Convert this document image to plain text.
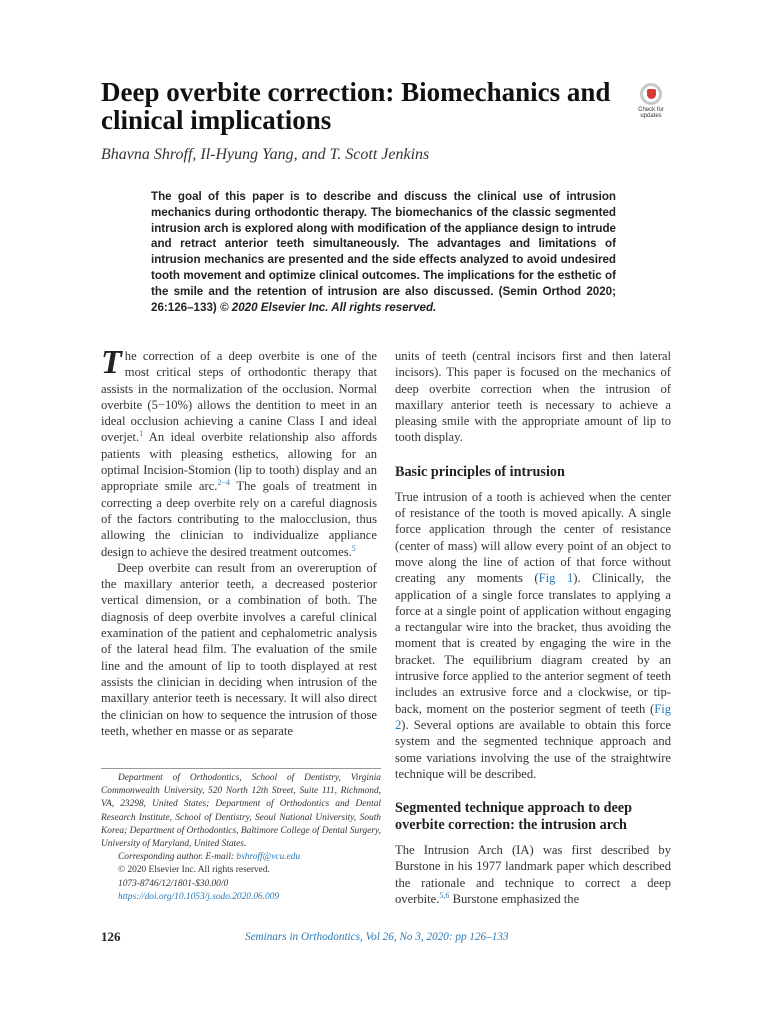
Deep overbite correction: Biomechanics and clinical implications
Bhavna Shroff, Il-Hyung Yang, and T. Scott Jenkins
Check for updates
The goal of this paper is to describe and discuss the clinical use of intrusion mechanics during orthodontic therapy. The biomechanics of the classic segmented intrusion arch is explored along with modification of the appliance design to intrude and retract anterior teeth simultaneously. The advantages and limitations of intrusion mechanics are presented and the side effects analyzed to avoid undesired tooth movement and optimize clinical outcomes. The implications for the esthetic of the smile and the retention of intrusion are also discussed. (Semin Orthod 2020; 26:126–133) © 2020 Elsevier Inc. All rights reserved.

The correction of a deep overbite is one of the most critical steps of orthodontic therapy that assists in the normalization of the occlusion. Normal overbite (5−10%) allows the dentition to meet in an ideal occlusion achieving a canine Class I and ideal overjet.$^1$ An ideal overbite relationship also affords patients with pleasing esthetics, allowing for an optimal Incision-Stomion (lip to tooth) display and an appropriate smile arc.$^{2-4}$ The goals of treatment in correcting a deep overbite rely on a careful diagnosis of the factors contributing to the malocclusion, thus allowing the clinician to individualize appliance design to achieve the desired treatment outcomes.$^5$

Deep overbite can result from an overeruption of the maxillary anterior teeth, a decreased posterior vertical dimension, or a combination of both. The diagnosis of deep overbite involves a careful clinical examination of the patient and cephalometric analysis of the lateral head film. The evaluation of the smile line and the amount of lip to tooth displayed at rest assists the clinician in deciding when intrusion of the maxillary anterior teeth is necessary. It will also direct the clinician on how to sequence the intrusion of those teeth, whether en masse or as separate

Department of Orthodontics, School of Dentistry, Virginia Commonwealth University, 520 North 12th Street, Suite 111, Richmond, VA, 23298, United States; Department of Orthodontics and Dental Research Institute, School of Dentistry, Seoul National University, South Korea; Department of Orthodontics, Baltimore College of Dental Surgery, University of Maryland, United States.

Corresponding author. E-mail: bshroff@vcu.edu

© 2020 Elsevier Inc. All rights reserved.

1073-8746/12/1801-$30.00/0

https://doi.org/10.1053/j.sodo.2020.06.009

units of teeth (central incisors first and then lateral incisors). This paper is focused on the mechanics of deep overbite correction when the intrusion of maxillary anterior teeth is necessary to achieve a pleasing smile with the appropriate amount of lip to tooth display.

Basic principles of intrusion

True intrusion of a tooth is achieved when the center of resistance of the tooth is moved apically. A single force application through the center of resistance (center of mass) will allow every point of an object to move along the line of action of that force without creating any moments (Fig 1). Clinically, the application of a single force translates to applying a force at a single point of application without engaging a rectangular wire into the bracket, thus avoiding the moment that is created by engaging the wire in the bracket. The equilibrium diagram created by an intrusive force applied to the anterior segment of teeth includes an extrusive force and a clockwise, or tip-back, moment on the posterior segment of teeth (Fig 2). Several options are available to obtain this force system and the segmented technique approach and some variations involving the use of the straightwire technique will be described.

Segmented technique approach to deep overbite correction: the intrusion arch

The Intrusion Arch (IA) was first described by Burstone in his 1977 landmark paper which described the rationale and technique to correct a deep overbite.$^{5,6}$ Burstone emphasized the

126	Seminars in Orthodontics, Vol 26, No 3, 2020: pp 126–133
